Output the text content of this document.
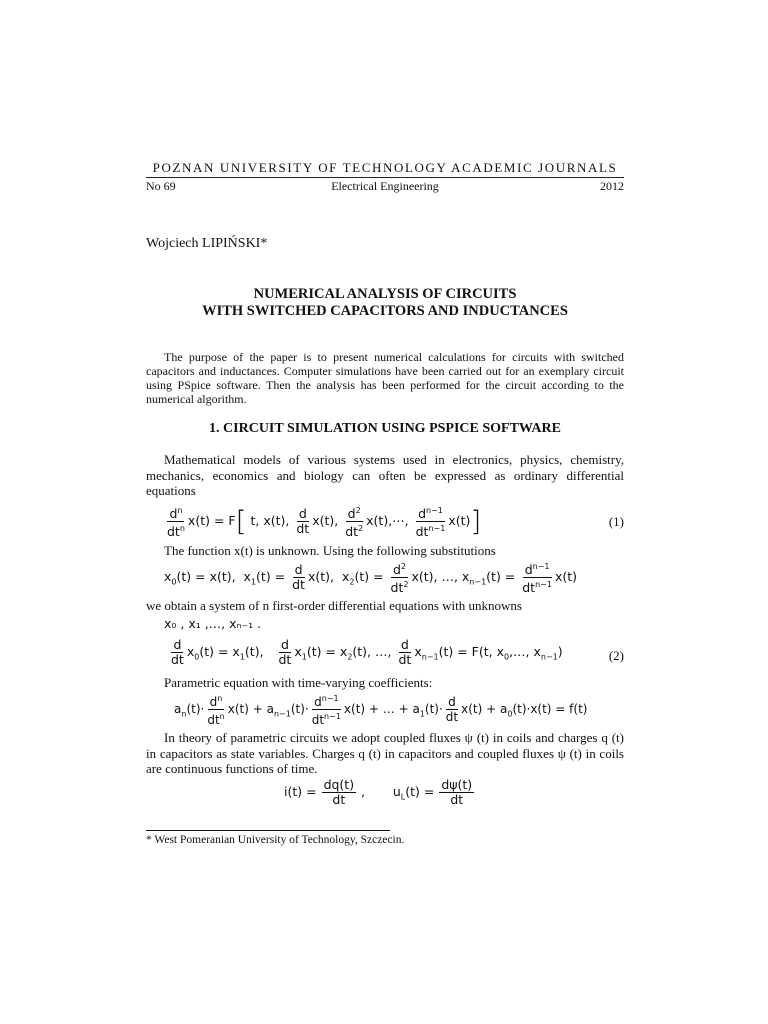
POZNAN UNIVERSITY OF TECHNOLOGY ACADEMIC JOURNALS
No 69	Electrical Engineering	2012
Wojciech LIPIŃSKI*
NUMERICAL ANALYSIS OF CIRCUITS
WITH SWITCHED CAPACITORS AND INDUCTANCES
The purpose of the paper is to present numerical calculations for circuits with switched capacitors and inductances. Computer simulations have been carried out for an exemplary circuit using PSpice software. Then the analysis has been performed for the circuit according to the numerical algorithm.
1. CIRCUIT SIMULATION USING PSPICE SOFTWARE
Mathematical models of various systems used in electronics, physics, chemistry, mechanics, economics and biology can often be expressed as ordinary differential equations
$\frac{d^n}{dt^n} x(t) = F$[ t, x(t), $\frac{d}{dt} x(t)$, $\frac{d^2}{dt^2}$ x(t),⋯, $\frac{d^{n-1}}{dt^{n-1}} x(t)$]	(1)
The function x(t) is unknown. Using the following substitutions
$x_0(t) = x(t)$,  $x_1(t) = \frac{d}{dt} x(t)$,  $x_2(t) = \frac{d^2}{dt^2} x(t)$, …, $x_{n-1}(t) = \frac{d^{n-1}}{dt^{n-1}} x(t)$
we obtain a system of n first-order differential equations with unknowns
x₀ , x₁ ,…, xₙ₋₁ .
$\frac{d}{dt} x_0(t) = x_1(t)$, $\frac{d}{dt} x_1(t) = x_2(t)$, …, $\frac{d}{dt} x_{n-1}(t) = F(t$, $x_0,\dots$, $x_{n-1}$)	(2)
Parametric equation with time-varying coefficients:
$a_n(t)\cdot \frac{d^n}{dt^n} x(t) + a_{n-1}(t)\cdot \frac{d^{n-1}}{dt^{n-1}} x(t)$ + … + $a_1(t)\cdot \frac{d}{dt} x(t) + a_0(t)\cdot x(t) = f(t)$
In theory of parametric circuits we adopt coupled fluxes ψ (t) in coils and charges q (t) in capacitors as state variables. Charges q (t) in capacitors and coupled fluxes ψ (t) in coils are continuous functions of time.
$i(t) = \frac{dq(t)}{dt}$ ,       $u_L(t) = \frac{d\psi(t)}{dt}$
* West Pomeranian University of Technology, Szczecin.
